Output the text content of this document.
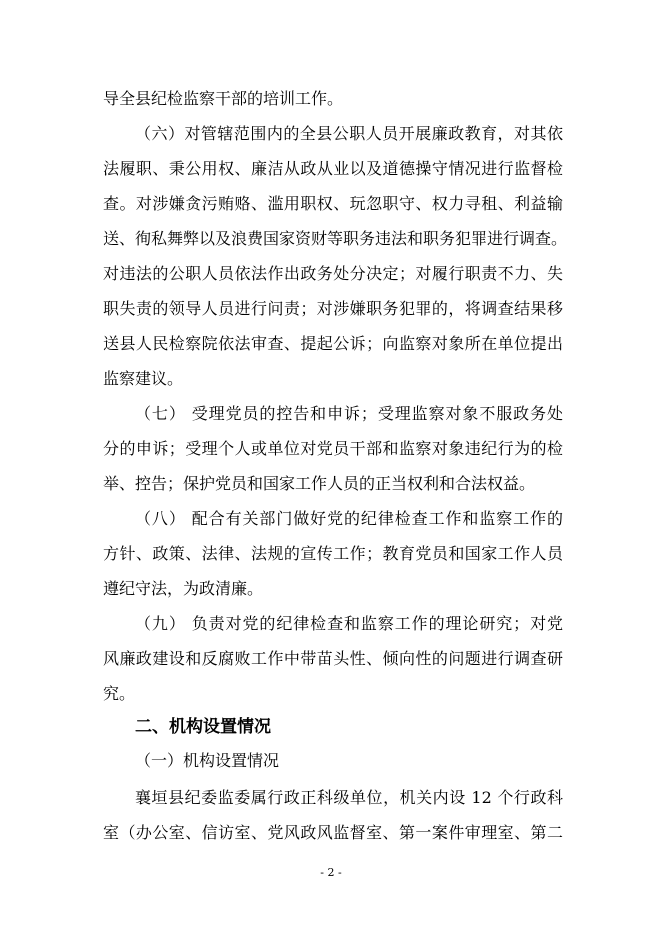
导全县纪检监察干部的培训工作。
（六）对管辖范围内的全县公职人员开展廉政教育，对其依
法履职、秉公用权、廉洁从政从业以及道德操守情况进行监督检
查。对涉嫌贪污贿赂、滥用职权、玩忽职守、权力寻租、利益输
送、徇私舞弊以及浪费国家资财等职务违法和职务犯罪进行调查。
对违法的公职人员依法作出政务处分决定；对履行职责不力、失
职失责的领导人员进行问责；对涉嫌职务犯罪的，将调查结果移
送县人民检察院依法审查、提起公诉；向监察对象所在单位提出
监察建议。
（七） 受理党员的控告和申诉；受理监察对象不服政务处
分的申诉；受理个人或单位对党员干部和监察对象违纪行为的检
举、控告；保护党员和国家工作人员的正当权利和合法权益。
（八） 配合有关部门做好党的纪律检查工作和监察工作的
方针、政策、法律、法规的宣传工作；教育党员和国家工作人员
遵纪守法，为政清廉。
（九） 负责对党的纪律检查和监察工作的理论研究；对党
风廉政建设和反腐败工作中带苗头性、倾向性的问题进行调查研
究。
二、机构设置情况
（一）机构设置情况
襄垣县纪委监委属行政正科级单位，机关内设 12 个行政科
室（办公室、信访室、党风政风监督室、第一案件审理室、第二
- 2 -
